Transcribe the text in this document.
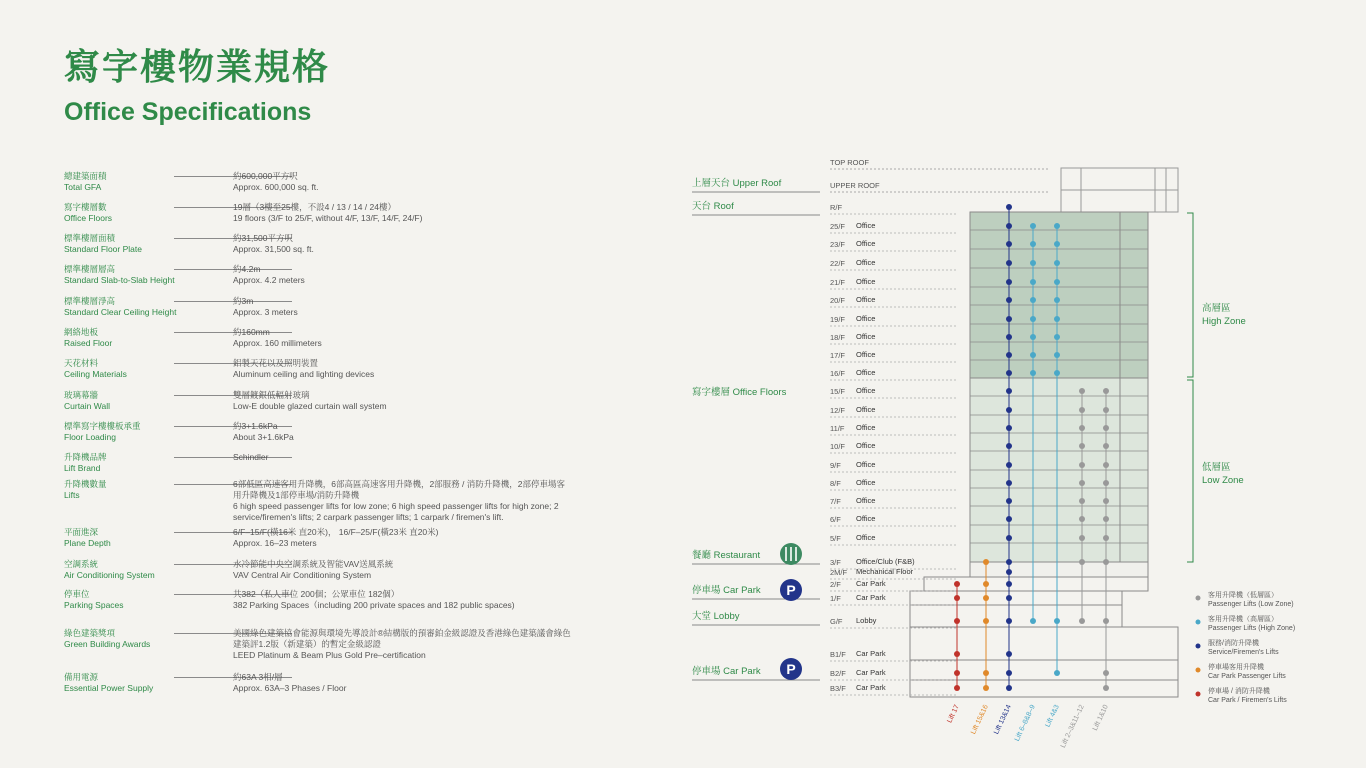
寫字樓物業規格
Office Specifications
總建築面積
Total GFA
約600,000平方呎
Approx. 600,000 sq. ft.
寫字樓層數
Office Floors
19層（3樓至25樓，不設4 / 13 / 14 / 24樓）
19 floors (3/F to 25/F, without 4/F, 13/F, 14/F, 24/F)
標準樓層面積
Standard Floor Plate
約31,500平方呎
Approx. 31,500 sq. ft.
標準樓層層高
Standard Slab-to-Slab Height
約4.2m
Approx. 4.2 meters
標準樓層淨高
Standard Clear Ceiling Height
約3m
Approx. 3 meters
網絡地板
Raised Floor
約160mm
Approx. 160 millimeters
天花材料
Ceiling Materials
鋁製天花以及照明裝置
Aluminum ceiling and lighting devices
玻璃幕牆
Curtain Wall
雙層鍍銀低輻射玻璃
Low-E double glazed curtain wall system
標準寫字樓樓板承重
Floor Loading
約3+1.6kPa
About 3+1.6kPa
升降機品牌
Lift Brand
Schindler
升降機數量
Lifts
6部低區高速客用升降機，6部高區高速客用升降機，2部服務 / 消防升降機，2部停車場客用升降機及1部停車場/消防升降機
6 high speed passenger lifts for low zone; 6 high speed passenger lifts for high zone; 2 service/firemen's lifts; 2 carpark passenger lifts; 1 carpark / firemen's lift.
平面進深
Plane Depth
6/F–15/F(橫16米 直20米)， 16/F–25/F(橫23米 直20米)
Approx. 16–23 meters
空調系統
Air Conditioning System
水冷節能中央空調系統及智能VAV送風系統
VAV Central Air Conditioning System
停車位
Parking Spaces
共382（私人車位 200個；公眾車位 182個）
382 Parking Spaces（including 200 private spaces and 182 public spaces)
綠色建築獎項
Green Building Awards
美國綠色建築協會能源與環境先導設計®結構版的預審鉑金級認證及香港綠色建築議會綠色建築評1.2版（新建築）的暫定金級認證
LEED Platinum & Beam Plus Gold Pre–certification
備用電源
Essential Power Supply
約63A 3相/層
Approx. 63A–3 Phases / Floor
TOP ROOF
UPPER ROOF
R/F
25/F Office
23/F Office
22/F Office
21/F Office
20/F Office
19/F Office
18/F Office
17/F Office
16/F Office
15/F Office
12/F Office
11/F Office
10/F Office
9/F Office
8/F Office
7/F Office
6/F Office
5/F Office
3/F Office/Club (F&B)
2M/F Mechanical Floor
2/F Car Park
1/F Car Park
G/F Lobby
B1/F Car Park
B2/F Car Park
B3/F Car Park
上層天台 Upper Roof
天台 Roof
寫字樓層 Office Floors
餐廳 Restaurant
停車場 Car Park
大堂 Lobby
停車場 Car Park
P
P
高層區
High Zone
低層區
Low Zone
Lift 17 Lift 15&16 Lift 13&14 Lift 6–8&8–9 Lift 4&3
Lift 2–3&11–12 Lift 1&10
客用升降機（低層區）
Passenger Lifts (Low Zone)
客用升降機（高層區）
Passenger Lifts (High Zone)
服務/消防升降機
Service/Firemen's Lifts
停車場客用升降機
Car Park Passenger Lifts
停車場 / 消防升降機
Car Park / Firemen's Lifts
